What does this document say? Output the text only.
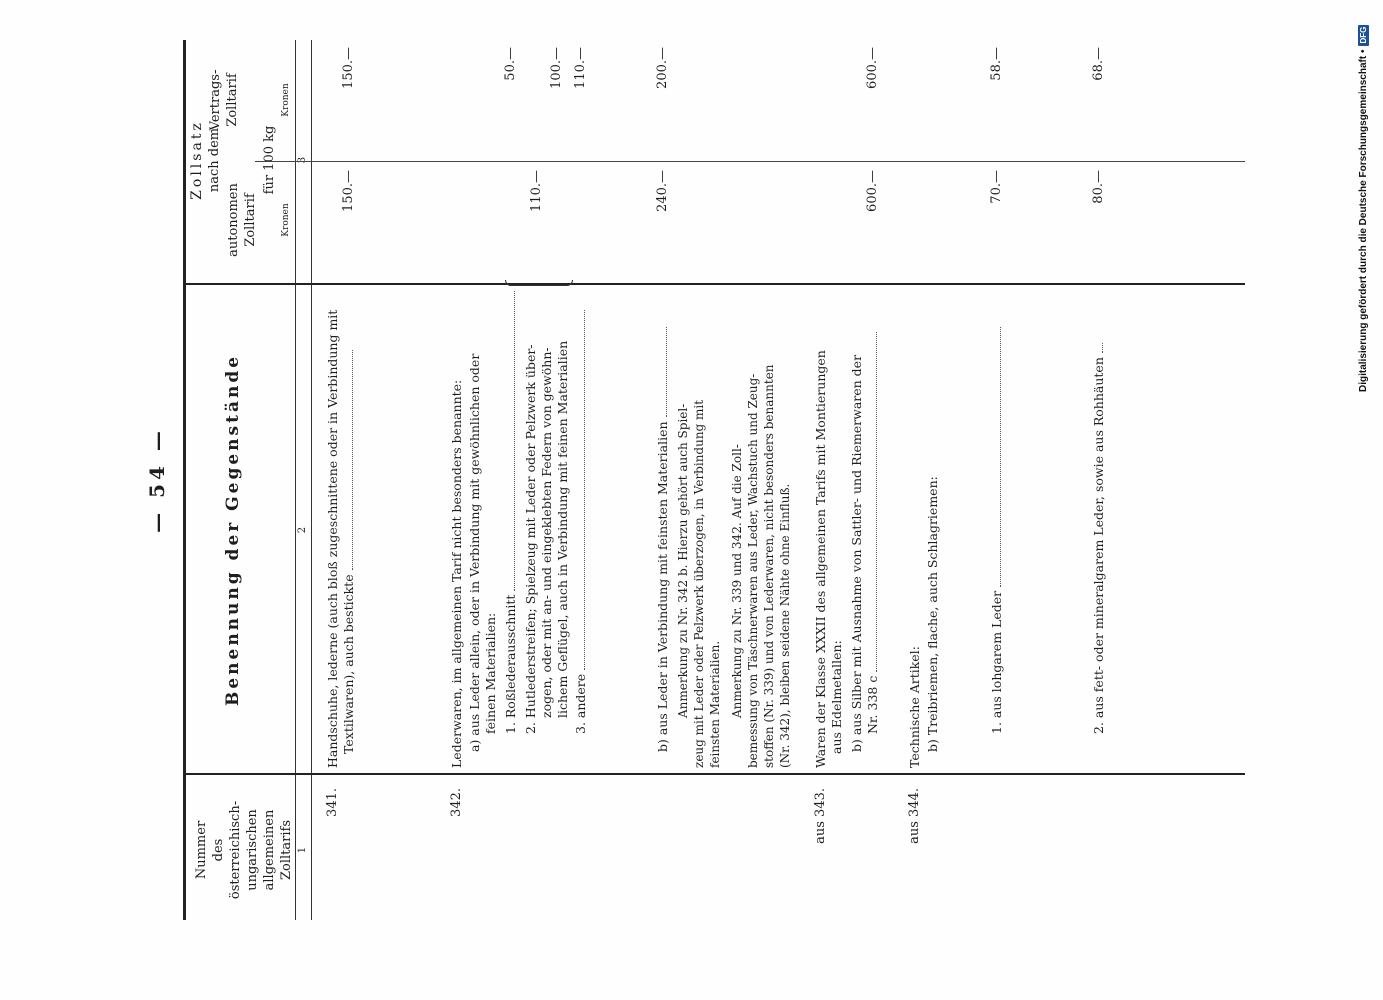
— 54 —
Nummer des österreichisch- ungarischen allgemeinen Zolltarifs
Benennung der Gegenstände
Zollsatz nach dem
autonomen Zolltarif
Vertrags- Zolltarif
für 100 kg
Kronen
Kronen
1
2
3
341.
Handschuhe, lederne (auch bloß zugeschnittene oder in Verbindung mit Textilwaren), auch bestickte
150.—
150.—
342.
Lederwaren, im allgemeinen Tarif nicht besonders benannte: a) aus Leder allein, oder in Verbindung mit gewöhnlichen oder feinen Materialien: 1. Roßlederausschnitt
50.—
2. Hutlederstreifen; Spielzeug mit Leder oder Pelzwerk über- zogen, oder mit an- und eingeklebten Federn von gewöhn- lichem Geflügel, auch in Verbindung mit feinen Materialien
110.—
100.—
3. andere
110.—
b) aus Leder in Verbindung mit feinsten Materialien
240.—
200.—
Anmerkung zu Nr. 342 b. Hierzu gehört auch Spiel- zeug mit Leder oder Pelzwerk überzogen, in Verbindung mit feinsten Materialien. Anmerkung zu Nr. 339 und 342. Auf die Zoll- bemessung von Täschnerwaren aus Leder, Wachstuch und Zeug- stoffen (Nr. 339) und von Lederwaren, nicht besonders benannten (Nr. 342), bleiben seidene Nähte ohne Einfluß.
aus 343.
Waren der Klasse XXXII des allgemeinen Tarifs mit Montierungen aus Edelmetallen: b) aus Silber mit Ausnahme von Sattler- und Riemerwaren der Nr. 338 c
600.—
600.—
aus 344.
Technische Artikel: b) Treibriemen, flache, auch Schlagriemen:	1. aus lohgarem Leder
70.—
58.—
2. aus fett- oder mineralgarem Leder, sowie aus Rohhäuten
80.—
68.—	Digitalisierung gefördert durch die Deutsche Forschungsgemeinschaft •
DFG
